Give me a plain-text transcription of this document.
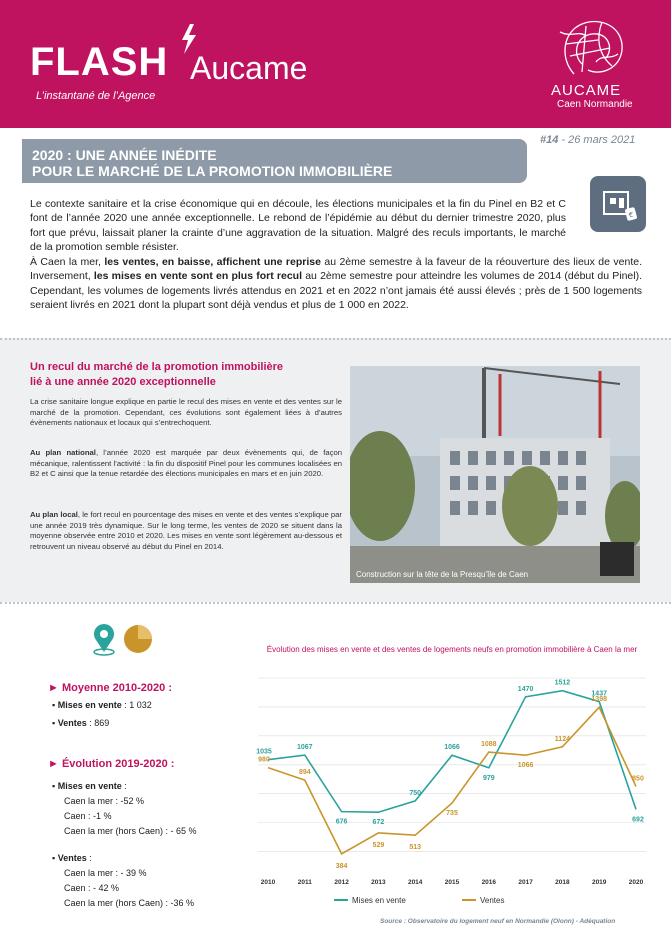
FLASH Aucame
L’instantané de l’Agence	AUCAME
Caen Normandie
2020 : UNE ANNÉE INÉDITE
POUR LE MARCHÉ DE LA PROMOTION IMMOBILIÈRE
#14 - 26 mars 2021
€

Le contexte sanitaire et la crise économique qui en découle, les élections municipales et la fin du Pinel en B2 et C font de l’année 2020 une année exceptionnelle. Le rebond de l’épidémie au début du dernier trimestre 2020, plus fort que prévu, laissait planer la crainte d’une aggravation de la situation. Malgré des reculs importants, le marché de la promotion semble résister.

À Caen la mer, les ventes, en baisse, affichent une reprise au 2ème semestre à la faveur de la réouverture des lieux de vente. Inversement, les mises en vente sont en plus fort recul au 2ème semestre pour atteindre les volumes de 2014 (début du Pinel). Cependant, les volumes de logements livrés attendus en 2021 et en 2022 n’ont jamais été aussi élevés ; près de 1 500 logements seraient livrés en 2021 dont la plupart sont déjà vendus et plus de 1 000 en 2022.
Un recul du marché de la promotion immobilière
lié à une année 2020 exceptionnelle
La crise sanitaire longue explique en partie le recul des mises en vente et des ventes sur le marché de la promotion. Cependant, ces évolutions sont également liées à d’autres évènements nationaux et locaux qui s’entrechoquent.
Au plan national, l’année 2020 est marquée par deux évènements qui, de façon mécanique, ralentissent l’activité : la fin du dispositif Pinel pour les communes localisées en B2 et C ainsi que la tenue retardée des élections municipales en mars et en juin 2020.
Au plan local, le fort recul en pourcentage des mises en vente et des ventes s’explique par une année 2019 très dynamique. Sur le long terme, les ventes de 2020 se situent dans la moyenne observée entre 2010 et 2020. Les mises en vente sont légèrement au-dessous et retrouvent un niveau observé au début du Pinel en 2014.
Construction sur la tête de la Presqu’île de Caen
► Moyenne 2010-2020 :
▪ Mises en vente : 1 032
▪ Ventes : 869
► Évolution 2019-2020 :
▪ Mises en vente :
Caen la mer : -52 %
Caen : -1 %
Caen la mer (hors Caen) : - 65 %
▪ Ventes :
Caen la mer : - 39 %
Caen : - 42 %
Caen la mer (hors Caen) : -36 %
Évolution des mises en vente et des ventes de logements neufs en promotion immobilière à Caen la mer
2010	2011	2012	2013	2014	2015	2016	2017	2018	2019	2020
1035
1067
676	672
750
1066
979
1470
1512
1437
692
980
894
384
529	513
735
1088
1066
1124
1398
850
Mises en vente	Ventes
Source : Observatoire du logement neuf en Normandie (Olonn) - Adéquation
